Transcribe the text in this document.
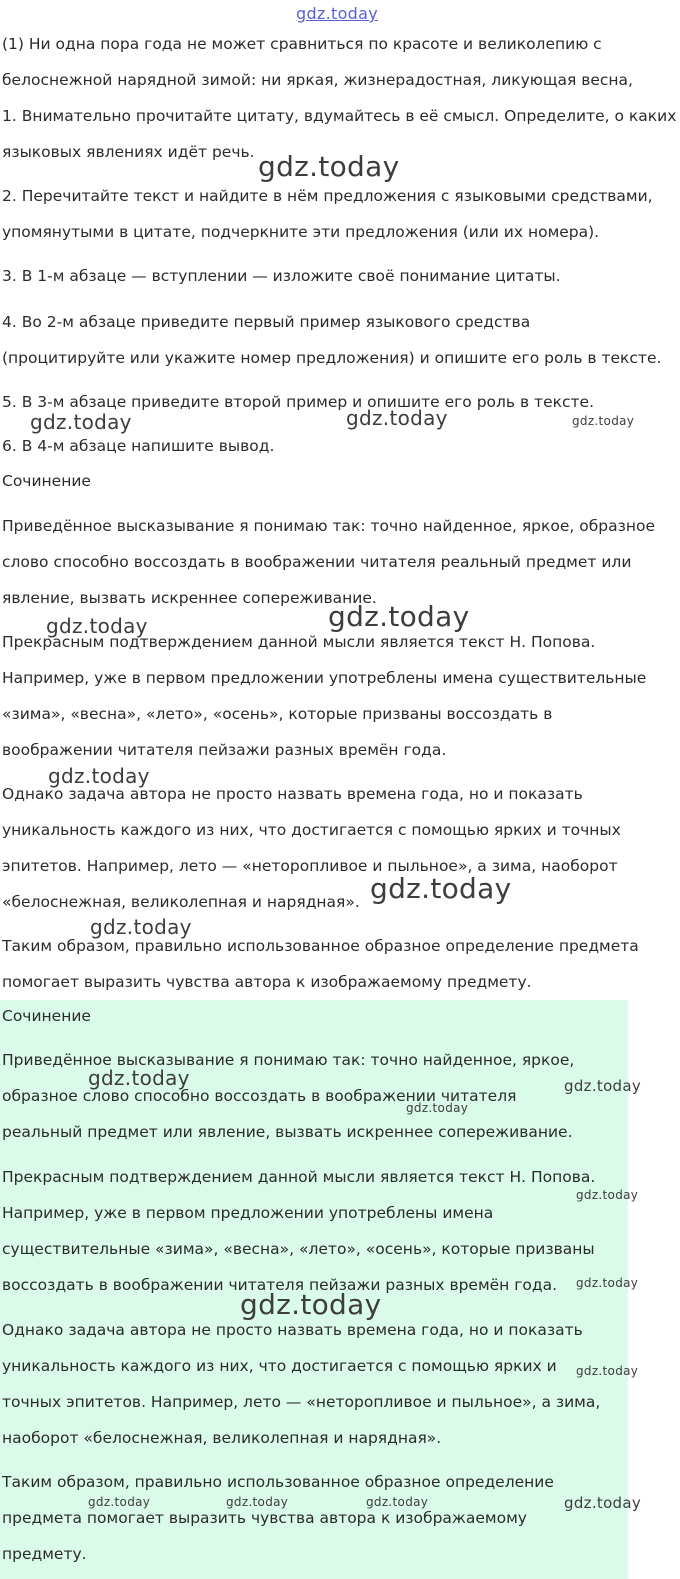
gdz.today
(1) Ни одна пора года не может сравниться по красоте и великолепию с
белоснежной нарядной зимой: ни яркая, жизнерадостная, ликующая весна,
1. Внимательно прочитайте цитату, вдумайтесь в её смысл. Определите, о каких
языковых явлениях идёт речь.
2. Перечитайте текст и найдите в нём предложения с языковыми средствами,
упомянутыми в цитате, подчеркните эти предложения (или их номера).
3. В 1-м абзаце — вступлении — изложите своё понимание цитаты.
4. Во 2-м абзаце приведите первый пример языкового средства
(процитируйте или укажите номер предложения) и опишите его роль в тексте.
5. В 3-м абзаце приведите второй пример и опишите его роль в тексте.
6. В 4-м абзаце напишите вывод.
Сочинение
Приведённое высказывание я понимаю так: точно найденное, яркое, образное
слово способно воссоздать в воображении читателя реальный предмет или
явление, вызвать искреннее сопереживание.
Прекрасным подтверждением данной мысли является текст Н. Попова.
Например, уже в первом предложении употреблены имена существительные
«зима», «весна», «лето», «осень», которые призваны воссоздать в
воображении читателя пейзажи разных времён года.
Однако задача автора не просто назвать времена года, но и показать
уникальность каждого из них, что достигается с помощью ярких и точных
эпитетов. Например, лето — «неторопливое и пыльное», а зима, наоборот
«белоснежная, великолепная и нарядная».
Таким образом, правильно использованное образное определение предмета
помогает выразить чувства автора к изображаемому предмету.
Сочинение
Приведённое высказывание я понимаю так: точно найденное, яркое,
образное слово способно воссоздать в воображении читателя
реальный предмет или явление, вызвать искреннее сопереживание.
Прекрасным подтверждением данной мысли является текст Н. Попова.
Например, уже в первом предложении употреблены имена
существительные «зима», «весна», «лето», «осень», которые призваны
воссоздать в воображении читателя пейзажи разных времён года.
Однако задача автора не просто назвать времена года, но и показать
уникальность каждого из них, что достигается с помощью ярких и
точных эпитетов. Например, лето — «неторопливое и пыльное», а зима,
наоборот «белоснежная, великолепная и нарядная».
Таким образом, правильно использованное образное определение
предмета помогает выразить чувства автора к изображаемому
предмету.
gdz.today
gdz.today	gdz.today	gdz.today
gdz.today	gdz.today
gdz.today
gdz.today
gdz.today
gdz.today	gdz.today
gdz.today
gdz.today
gdz.today
gdz.today
gdz.today
gdz.today	gdz.today	gdz.today	gdz.today
